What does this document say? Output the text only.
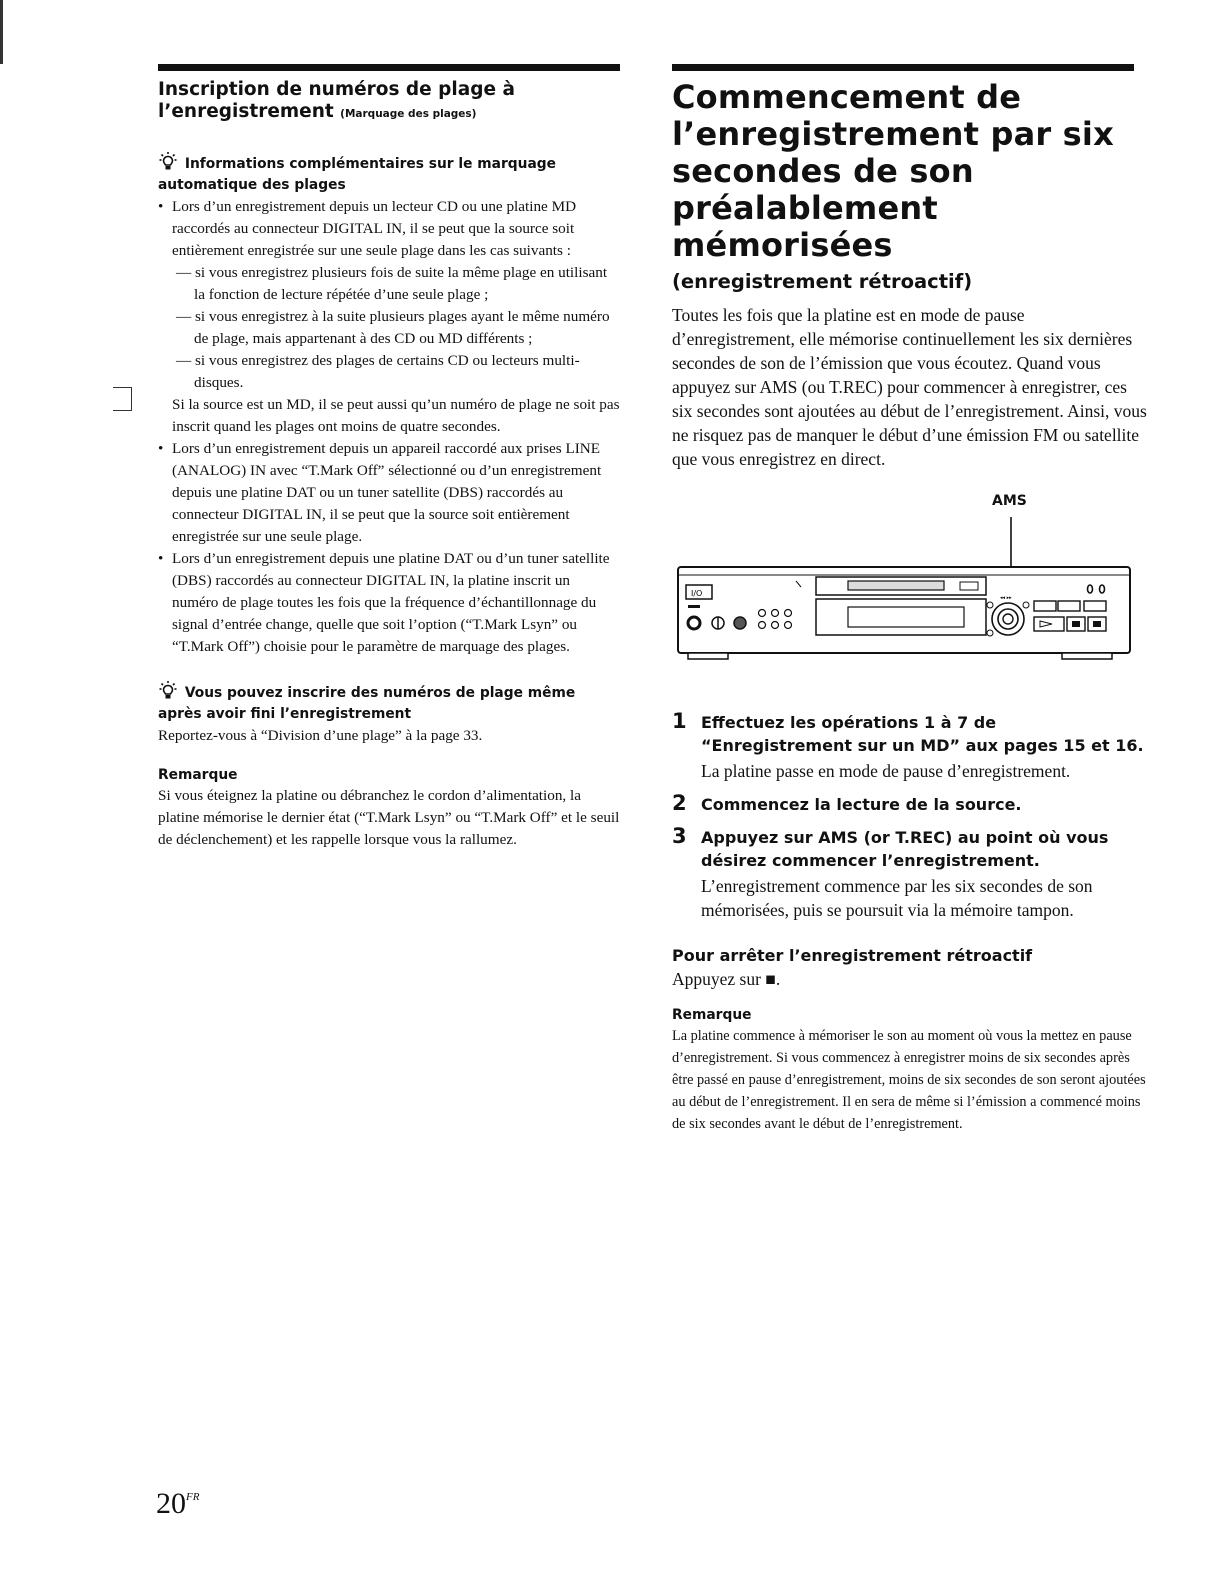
Inscription de numéros de plage à
l’enregistrement (Marquage des plages)

Informations complémentaires sur le marquage automatique des plages

• Lors d’un enregistrement depuis un lecteur CD ou une platine MD raccordés au connecteur DIGITAL IN, il se peut que la source soit entièrement enregistrée sur une seule plage dans les cas suivants :
— si vous enregistrez plusieurs fois de suite la même plage en utilisant la fonction de lecture répétée d’une seule plage ;
— si vous enregistrez à la suite plusieurs plages ayant le même numéro de plage, mais appartenant à des CD ou MD différents ;
— si vous enregistrez des plages de certains CD ou lecteurs multi-disques.
Si la source est un MD, il se peut aussi qu’un numéro de plage ne soit pas inscrit quand les plages ont moins de quatre secondes.
• Lors d’un enregistrement depuis un appareil raccordé aux prises LINE (ANALOG) IN avec “T.Mark Off” sélectionné ou d’un enregistrement depuis une platine DAT ou un tuner satellite (DBS) raccordés au connecteur DIGITAL IN, il se peut que la source soit entièrement enregistrée sur une seule plage.
• Lors d’un enregistrement depuis une platine DAT ou d’un tuner satellite (DBS) raccordés au connecteur DIGITAL IN, la platine inscrit un numéro de plage toutes les fois que la fréquence d’échantillonnage du signal d’entrée change, quelle que soit l’option (“T.Mark Lsyn” ou “T.Mark Off”) choisie pour le paramètre de marquage des plages.

Vous pouvez inscrire des numéros de plage même après avoir fini l’enregistrement

Reportez-vous à “Division d’une plage” à la page 33.

Remarque

Si vous éteignez la platine ou débranchez le cordon d’alimentation, la platine mémorise le dernier état (“T.Mark Lsyn” ou “T.Mark Off” et le seuil de déclenchement) et les rappelle lorsque vous la rallumez.

Commencement de
l’enregistrement par six
secondes de son
préalablement mémorisées

(enregistrement rétroactif)

Toutes les fois que la platine est en mode de pause d’enregistrement, elle mémorise continuellement les six dernières secondes de son de l’émission que vous écoutez. Quand vous appuyez sur AMS (ou T.REC) pour commencer à enregistrer, ces six secondes sont ajoutées au début de l’enregistrement. Ainsi, vous ne risquez pas de manquer le début d’une émission FM ou satellite que vous enregistrez en direct.

AMS
I/O	◂◂ ▸▸
1 Effectuez les opérations 1 à 7 de “Enregistrement sur un MD” aux pages 15 et 16.

La platine passe en mode de pause d’enregistrement.

2 Commencez la lecture de la source.

3 Appuyez sur AMS (or T.REC) au point où vous désirez commencer l’enregistrement.

L’enregistrement commence par les six secondes de son mémorisées, puis se poursuit via la mémoire tampon.

Pour arrêter l’enregistrement rétroactif

Appuyez sur ■.

Remarque

La platine commence à mémoriser le son au moment où vous la mettez en pause d’enregistrement. Si vous commencez à enregistrer moins de six secondes après être passé en pause d’enregistrement, moins de six secondes de son seront ajoutées au début de l’enregistrement. Il en sera de même si l’émission a commencé moins de six secondes avant le début de l’enregistrement.

$20^{FR}$
